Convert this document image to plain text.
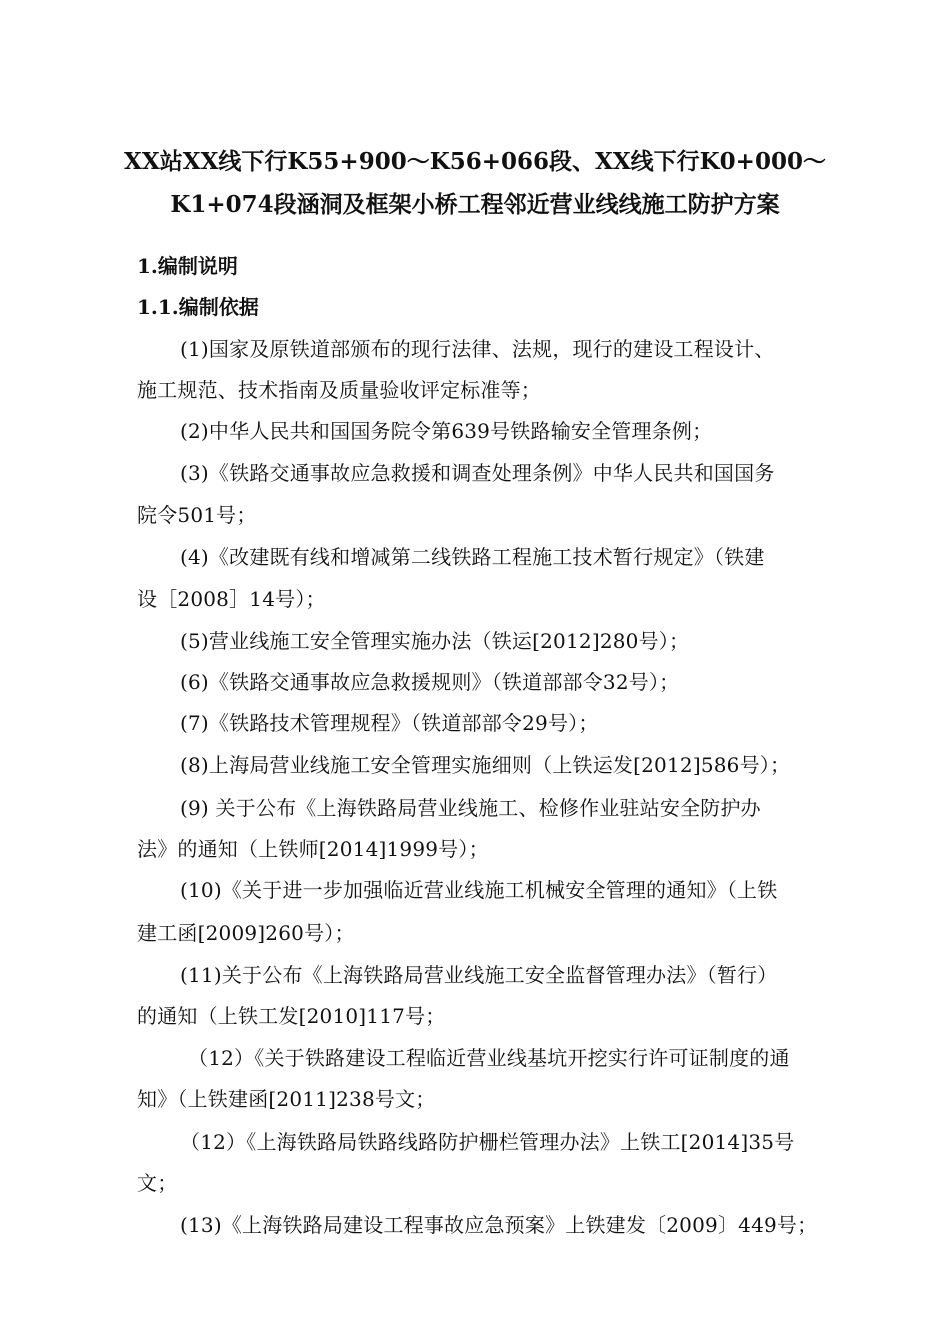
XX站XX线下行K55+900～K56+066段、XX线下行K0+000～
K1+074段涵洞及框架小桥工程邻近营业线线施工防护方案
1.编制说明
1.1.编制依据
(1)国家及原铁道部颁布的现行法律、法规，现行的建设工程设计、
施工规范、技术指南及质量验收评定标准等；
(2)中华人民共和国国务院令第639号铁路输安全管理条例；
(3)《铁路交通事故应急救援和调查处理条例》中华人民共和国国务
院令501号；
(4)《改建既有线和增减第二线铁路工程施工技术暂行规定》（铁建
设［2008］14号）；
(5)营业线施工安全管理实施办法（铁运[2012]280号）；
(6)《铁路交通事故应急救援规则》（铁道部部令32号）；
(7)《铁路技术管理规程》（铁道部部令29号）；
(8)上海局营业线施工安全管理实施细则（上铁运发[2012]586号）；
(9) 关于公布《上海铁路局营业线施工、检修作业驻站安全防护办
法》的通知（上铁师[2014]1999号）；
(10)《关于进一步加强临近营业线施工机械安全管理的通知》（上铁
建工函[2009]260号）；
(11)关于公布《上海铁路局营业线施工安全监督管理办法》（暂行）
的通知（上铁工发[2010]117号；
（12）《关于铁路建设工程临近营业线基坑开挖实行许可证制度的通
知》（上铁建函[2011]238号文；
（12）《上海铁路局铁路线路防护栅栏管理办法》上铁工[2014]35号
文；
(13)《上海铁路局建设工程事故应急预案》上铁建发〔2009〕449号；
